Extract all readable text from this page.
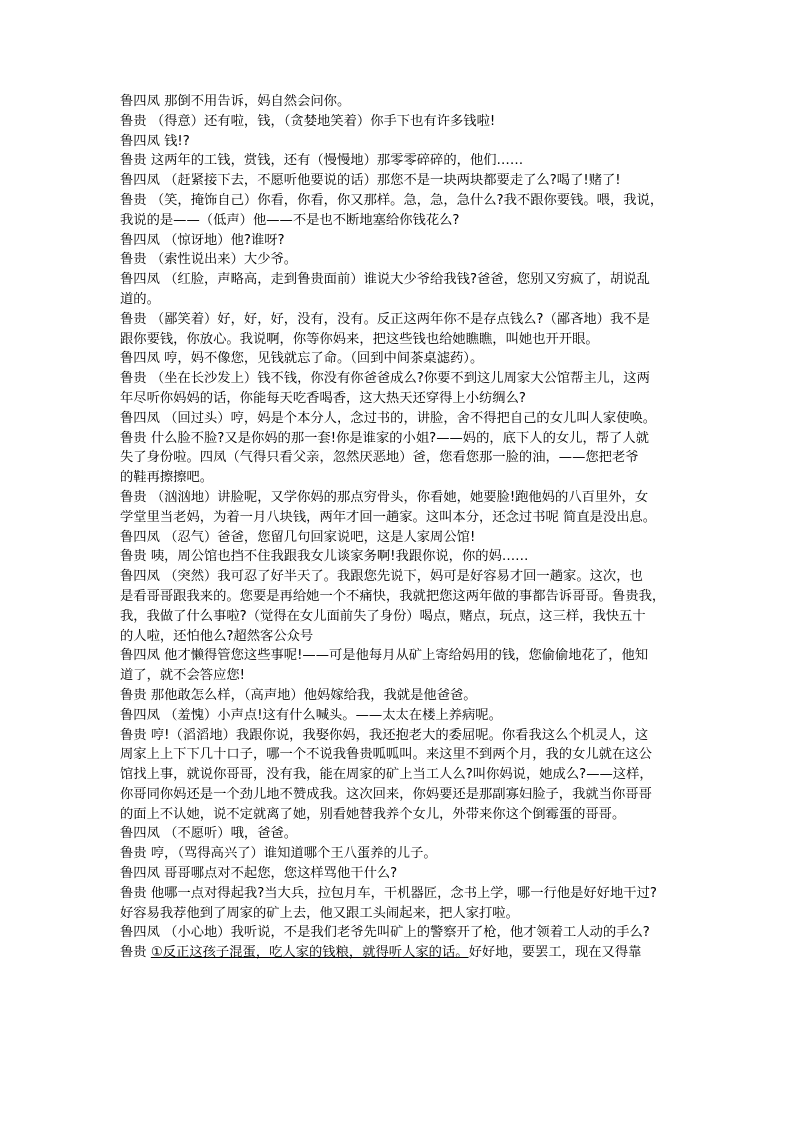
鲁四凤 那倒不用告诉，妈自然会问你。
鲁贵 （得意）还有啦，钱，（贪婪地笑着）你手下也有许多钱啦!
鲁四凤 钱!?
鲁贵 这两年的工钱，赏钱，还有（慢慢地）那零零碎碎的，他们……
鲁四凤 （赶紧接下去，不愿听他要说的话）那您不是一块两块都要走了么?喝了!赌了!
鲁贵 （笑，掩饰自己）你看，你看，你又那样。急，急，急什么?我不跟你要钱。喂，我说，
我说的是——（低声）他——不是也不断地塞给你钱花么?
鲁四凤 （惊讶地）他?谁呀?
鲁贵 （索性说出来）大少爷。
鲁四凤 （红脸，声略高，走到鲁贵面前）谁说大少爷给我钱?爸爸，您别又穷疯了，胡说乱
道的。
鲁贵 （鄙笑着）好，好，好，没有，没有。反正这两年你不是存点钱么?（鄙吝地）我不是
跟你要钱，你放心。我说啊，你等你妈来，把这些钱也给她瞧瞧，叫她也开开眼。
鲁四凤 哼，妈不像您，见钱就忘了命。（回到中间茶桌滤药）。
鲁贵 （坐在长沙发上）钱不钱，你没有你爸爸成么?你要不到这儿周家大公馆帮主儿，这两
年尽听你妈妈的话，你能每天吃香喝香，这大热天还穿得上小纺绸么?
鲁四凤 （回过头）哼，妈是个本分人，念过书的，讲脸，舍不得把自己的女儿叫人家使唤。
鲁贵 什么脸不脸?又是你妈的那一套!你是谁家的小姐?——妈的，底下人的女儿，帮了人就
失了身份啦。四凤（气得只看父亲，忽然厌恶地）爸，您看您那一脸的油，——您把老爷
的鞋再擦擦吧。
鲁贵 （汹汹地）讲脸呢，又学你妈的那点穷骨头，你看她，她要脸!跑他妈的八百里外，女
学堂里当老妈，为着一月八块钱，两年才回一趟家。这叫本分，还念过书呢 简直是没出息。
鲁四凤 （忍气）爸爸，您留几句回家说吧，这是人家周公馆!
鲁贵 咦，周公馆也挡不住我跟我女儿谈家务啊!我跟你说，你的妈……
鲁四凤 （突然）我可忍了好半天了。我跟您先说下，妈可是好容易才回一趟家。这次，也
是看哥哥跟我来的。您要是再给她一个不痛快，我就把您这两年做的事都告诉哥哥。鲁贵我，
我，我做了什么事啦?（觉得在女儿面前失了身份）喝点，赌点，玩点，这三样，我快五十
的人啦，还怕他么?超然客公众号
鲁四凤 他才懒得管您这些事呢!——可是他每月从矿上寄给妈用的钱，您偷偷地花了，他知
道了，就不会答应您!
鲁贵 那他敢怎么样，（高声地）他妈嫁给我，我就是他爸爸。
鲁四凤 （羞愧）小声点!这有什么喊头。——太太在楼上养病呢。
鲁贵 哼!（滔滔地）我跟你说，我娶你妈，我还抱老大的委屈呢。你看我这么个机灵人，这
周家上上下下几十口子，哪一个不说我鲁贵呱呱叫。来这里不到两个月，我的女儿就在这公
馆找上事，就说你哥哥，没有我，能在周家的矿上当工人么?叫你妈说，她成么?——这样，
你哥同你妈还是一个劲儿地不赞成我。这次回来，你妈要还是那副寡妇脸子，我就当你哥哥
的面上不认她，说不定就离了她，别看她替我养个女儿，外带来你这个倒霉蛋的哥哥。
鲁四凤 （不愿听）哦，爸爸。
鲁贵 哼，（骂得高兴了）谁知道哪个王八蛋养的儿子。
鲁四凤 哥哥哪点对不起您，您这样骂他干什么?
鲁贵 他哪一点对得起我?当大兵，拉包月车，干机器匠，念书上学，哪一行他是好好地干过?
好容易我荐他到了周家的矿上去，他又跟工头闹起来，把人家打啦。
鲁四凤 （小心地）我听说，不是我们老爷先叫矿上的警察开了枪，他才领着工人动的手么?
鲁贵 ①反正这孩子混蛋，吃人家的钱粮，就得听人家的话。好好地，要罢工，现在又得靠
